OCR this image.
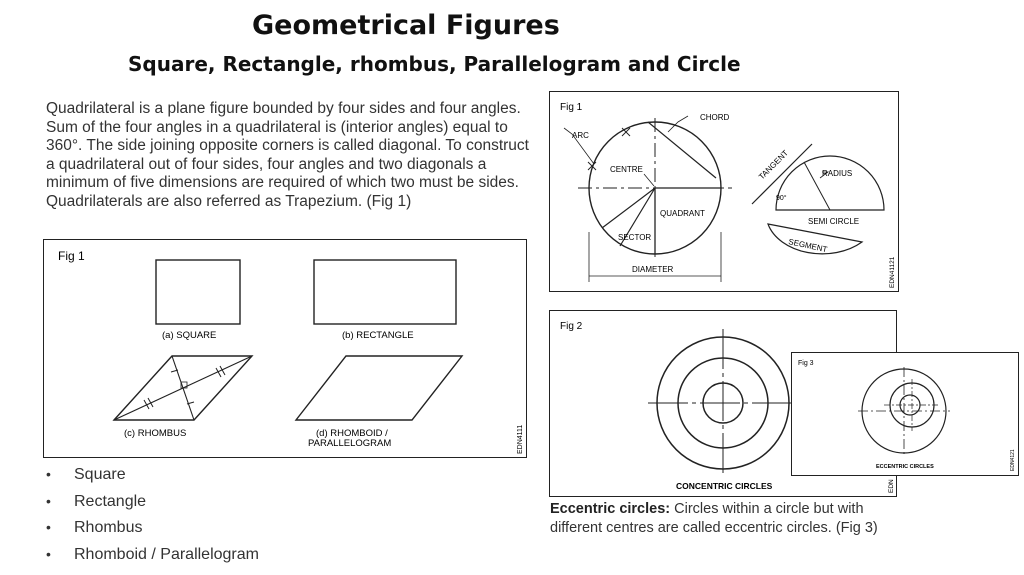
Geometrical Figures
Square, Rectangle, rhombus, Parallelogram and Circle
Quadrilateral is a plane figure bounded by four sides and four angles. Sum of the four angles in a quadrilateral is (interior angles) equal to 360°. The side joining opposite corners is called diagonal. To construct a quadrilateral out of four sides, four angles and two diagonals a minimum of five dimensions are required of which two must be sides. Quadrilaterals are also referred as Trapezium. (Fig 1)
Fig 1
(a) SQUARE	(b) RECTANGLE
(c) RHOMBUS	(d) RHOMBOID /
PARALLELOGRAM	EDN4111
• Square
• Rectangle
• Rhombus
• Rhomboid / Parallelogram
Fig 1
CHORD
ARC
CENTRE
QUADRANT
SECTOR
DIAMETER
TANGENT	RADIUS
90°
SEMI CIRCLE
SEGMENT
EDN41121
Fig 2
CONCENTRIC CIRCLES	EDN
Fig 3
ECCENTRIC CIRCLES	EDN4121
Eccentric circles: Circles within a circle but with different centres are called eccentric circles. (Fig 3)
